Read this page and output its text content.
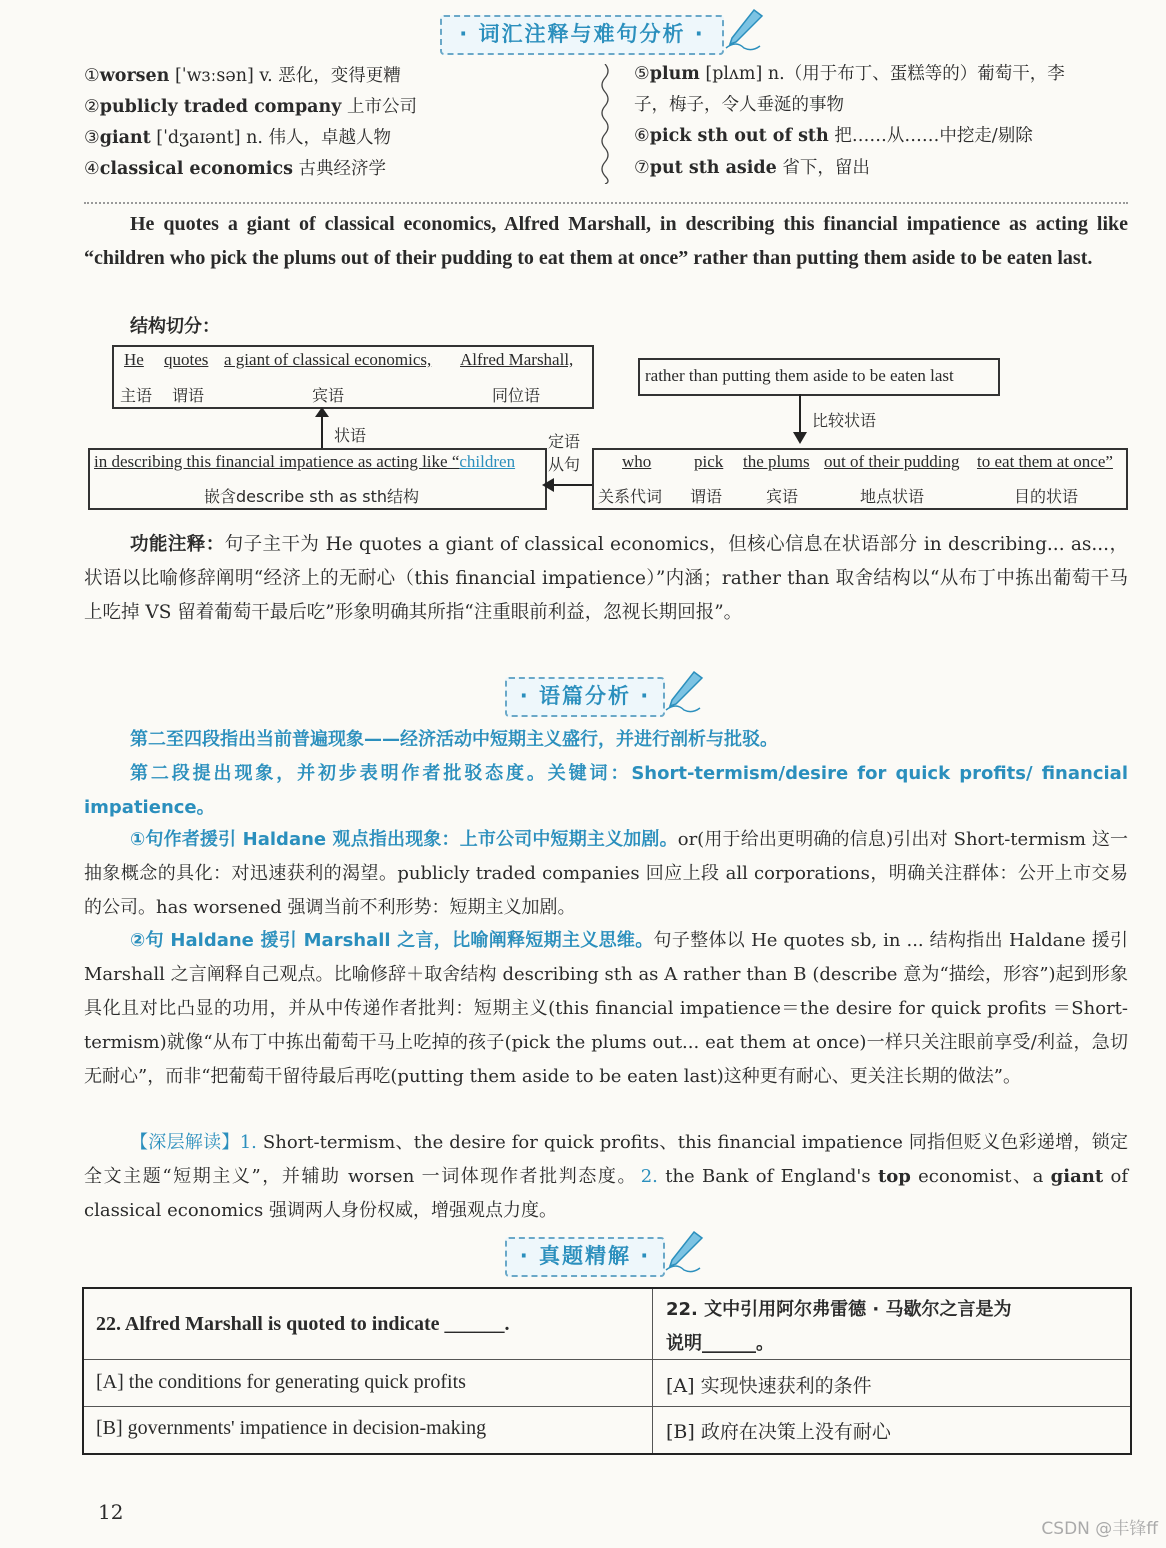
· 词汇注释与难句分析 ·
①worsen [ˈwɜːsən] v. 恶化，变得更糟
②publicly traded company 上市公司
③giant [ˈdʒaɪənt] n. 伟人，卓越人物
④classical economics 古典经济学
⑤plum [plʌm] n.（用于布丁、蛋糕等的）葡萄干，李
子，梅子，令人垂涎的事物
⑥pick sth out of sth 把……从……中挖走/剔除
⑦put sth aside 省下，留出
He quotes a giant of classical economics, Alfred Marshall, in describing this financial impatience as acting like “children who pick the plums out of their pudding to eat them at once” rather than putting them aside to be eaten last.
结构切分：
He quotes a giant of classical economics, Alfred Marshall,
主语 谓语	宾语	同位语
rather than putting them aside to be eaten last
状语
比较状语
in describing this financial impatience as acting like “children
嵌含describe sth as sth结构
定语
从句 who	pick the plums out of their pudding to eat them at once”
关系代词 谓语	宾语	地点状语	目的状语
功能注释：句子主干为 He quotes a giant of classical economics，但核心信息在状语部分 in describing... as...，状语以比喻修辞阐明“经济上的无耐心（this financial impatience）”内涵；rather than 取舍结构以“从布丁中拣出葡萄干马上吃掉 VS 留着葡萄干最后吃”形象明确其所指“注重眼前利益，忽视长期回报”。
· 语篇分析 ·
第二至四段指出当前普遍现象——经济活动中短期主义盛行，并进行剖析与批驳。
第二段提出现象，并初步表明作者批驳态度。关键词：Short-termism/desire for quick profits/ financial impatience。
①句作者援引 Haldane 观点指出现象：上市公司中短期主义加剧。or(用于给出更明确的信息)引出对 Short-termism 这一抽象概念的具化：对迅速获利的渴望。publicly traded companies 回应上段 all corporations，明确关注群体：公开上市交易的公司。has worsened 强调当前不利形势：短期主义加剧。
②句 Haldane 援引 Marshall 之言，比喻阐释短期主义思维。句子整体以 He quotes sb, in ... 结构指出 Haldane 援引 Marshall 之言阐释自己观点。比喻修辞＋取舍结构 describing sth as A rather than B (describe 意为“描绘，形容”)起到形象具化且对比凸显的功用，并从中传递作者批判：短期主义(this financial impatience＝the desire for quick profits ＝Short-termism)就像“从布丁中拣出葡萄干马上吃掉的孩子(pick the plums out... eat them at once)一样只关注眼前享受/利益，急切无耐心”，而非“把葡萄干留待最后再吃(putting them aside to be eaten last)这种更有耐心、更关注长期的做法”。
【深层解读】1. Short-termism、the desire for quick profits、this financial impatience 同指但贬义色彩递增，锁定全文主题“短期主义”，并辅助 worsen 一词体现作者批判态度。  2. the Bank of England's top economist、a giant of classical economics 强调两人身份权威，增强观点力度。
· 真题精解 ·
22. Alfred Marshall is quoted to indicate ______.
22. 文中引用阿尔弗雷德 · 马歇尔之言是为
说明______。
[A] the conditions for generating quick profits	[A] 实现快速获利的条件
[B] governments' impatience in decision-making	[B] 政府在决策上没有耐心
12
CSDN @丰锋ff
